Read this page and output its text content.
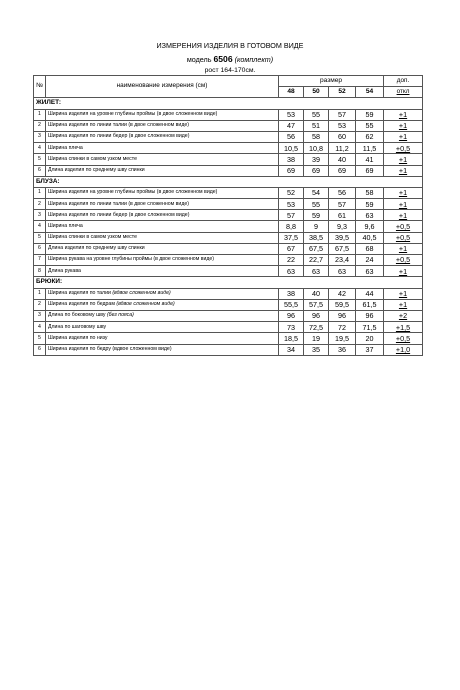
ИЗМЕРЕНИЯ ИЗДЕЛИЯ В ГОТОВОМ ВИДЕ
модель 6506 (комплект)
рост 164-170см.
№	наименование измерения (см)	размер				доп.
		48	50	52	54	откл
ЖИЛЕТ:						
1	Ширина изделия на уровне глубины проймы (в двое сложенном виде)	53	55	57	59	+1
2	Ширина изделия по линии талии (в двое сложенном виде)	47	51	53	55	+1
3	Ширина изделия по линии бедер (в двое сложенном виде)	56	58	60	62	+1
4	Ширина плеча	10,5	10,8	11,2	11,5	+0,5
5	Ширина спинки в самом узком месте	38	39	40	41	+1
6	Длина изделия по среднему шву спинки	69	69	69	69	+1
БЛУЗА:						
1	Ширина изделия на уровне глубины проймы (в двое сложенном виде)	52	54	56	58	+1
2	Ширина изделия по линии талии (в двое сложенном виде)	53	55	57	59	+1
3	Ширина изделия по линии бедер (в двое сложенном виде)	57	59	61	63	+1
4	Ширина плеча	8,8	9	9,3	9,6	+0,5
5	Ширина спинки в самом узком месте	37,5	38,5	39,5	40,5	+0,5
6	Длина изделия по среднему шву спинки	67	67,5	67,5	68	+1
7	Ширина рукава на уровне глубины проймы (в двое сложенном виде)	22	22,7	23,4	24	+0,5
8	Длина рукава	63	63	63	63	+1
БРЮКИ:						
1	Ширина изделия по талии (вдвое сложенном виде)	38	40	42	44	+1
2	Ширина изделия по бедрам (вдвое сложенном виде)	55,5	57,5	59,5	61,5	+1
3	Длина по боковому шву (без пояса)	96	96	96	96	+2
4	Длина по шаговому шву	73	72,5	72	71,5	+1,5
5	Ширина изделия по низу	18,5	19	19,5	20	+0,5
6	Ширина изделия по бедру (вдвое сложенном виде)	34	35	36	37	+1,0
